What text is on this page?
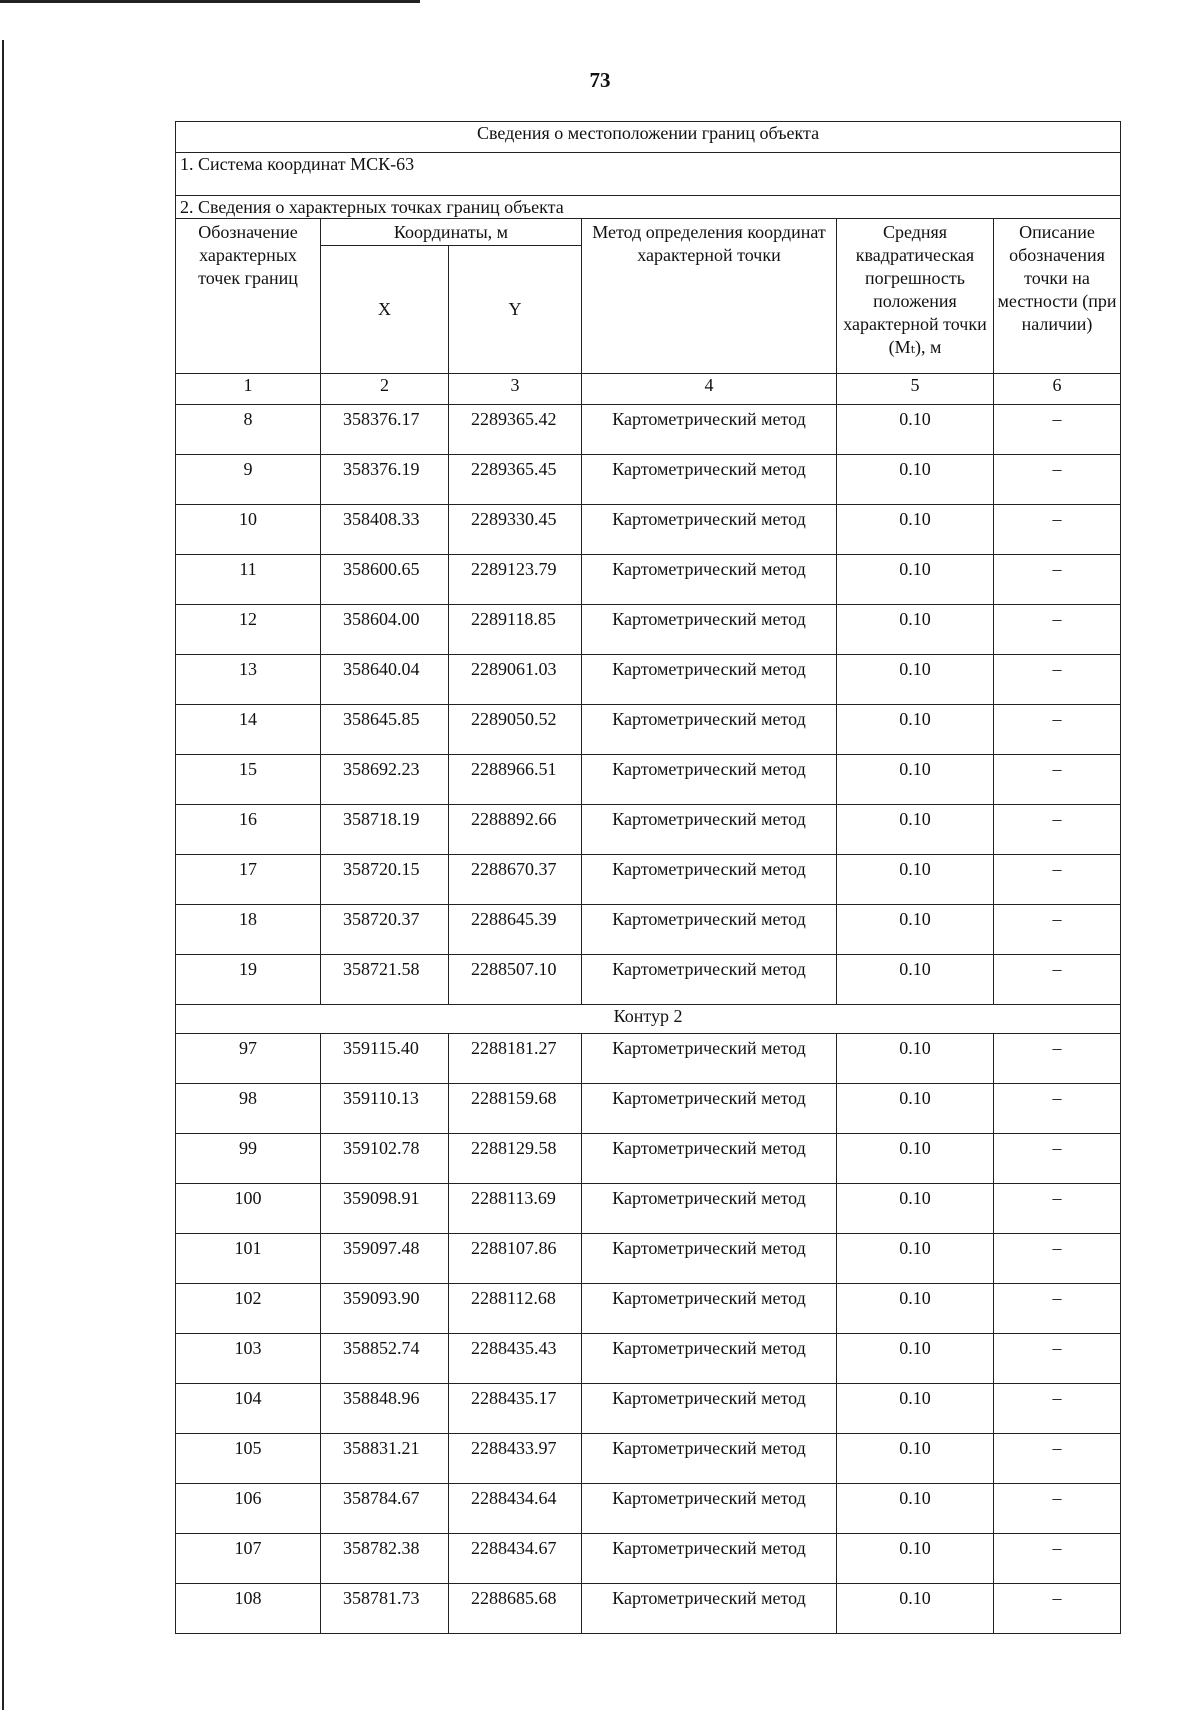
73
Сведения о местоположении границ объекта					
1. Система координат МСК-63					
2. Сведения о характерных точках границ объекта					
Обозначение характерных точек границ	Координаты, м		Метод определения координат характерной точки	Средняя квадратическая погрешность положения характерной точки (Mₜ), м	Описание обозначения точки на местности (при наличии)
	X	Y			
1	2	3	4	5	6
8	358376.17	2289365.42	Картометрический метод	0.10	–
9	358376.19	2289365.45	Картометрический метод	0.10	–
10	358408.33	2289330.45	Картометрический метод	0.10	–
11	358600.65	2289123.79	Картометрический метод	0.10	–
12	358604.00	2289118.85	Картометрический метод	0.10	–
13	358640.04	2289061.03	Картометрический метод	0.10	–
14	358645.85	2289050.52	Картометрический метод	0.10	–
15	358692.23	2288966.51	Картометрический метод	0.10	–
16	358718.19	2288892.66	Картометрический метод	0.10	–
17	358720.15	2288670.37	Картометрический метод	0.10	–
18	358720.37	2288645.39	Картометрический метод	0.10	–
19	358721.58	2288507.10	Картометрический метод	0.10	–
Контур 2					
97	359115.40	2288181.27	Картометрический метод	0.10	–
98	359110.13	2288159.68	Картометрический метод	0.10	–
99	359102.78	2288129.58	Картометрический метод	0.10	–
100	359098.91	2288113.69	Картометрический метод	0.10	–
101	359097.48	2288107.86	Картометрический метод	0.10	–
102	359093.90	2288112.68	Картометрический метод	0.10	–
103	358852.74	2288435.43	Картометрический метод	0.10	–
104	358848.96	2288435.17	Картометрический метод	0.10	–
105	358831.21	2288433.97	Картометрический метод	0.10	–
106	358784.67	2288434.64	Картометрический метод	0.10	–
107	358782.38	2288434.67	Картометрический метод	0.10	–
108	358781.73	2288685.68	Картометрический метод	0.10	–
